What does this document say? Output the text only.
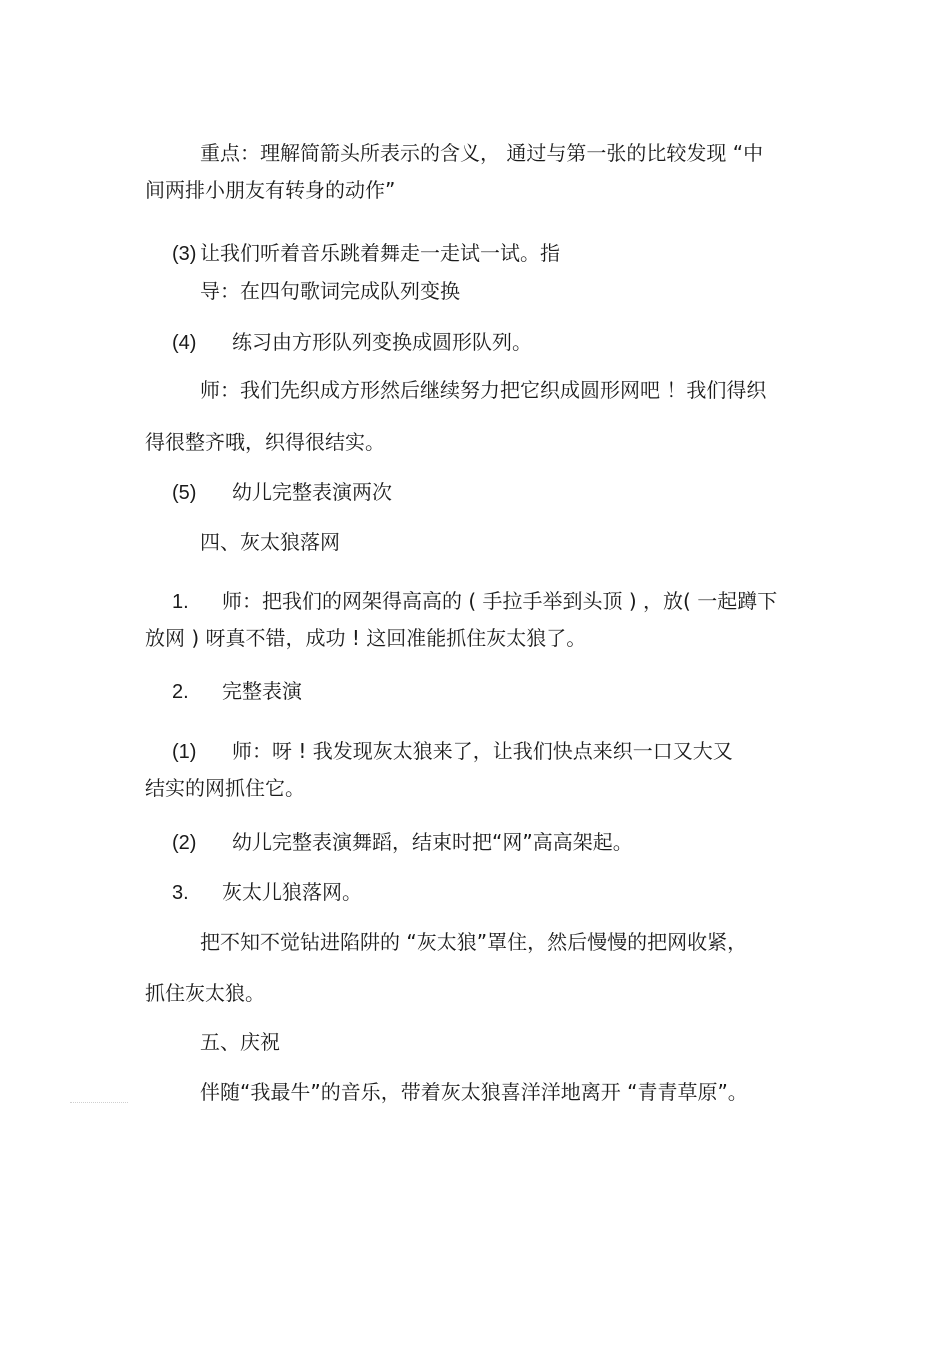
重点：理解简箭头所表示的含义， 通过与第一张的比较发现 “中
间两排小朋友有转身的动作”
(3) 让我们听着音乐跳着舞走一走试一试。指
导：在四句歌词完成队列变换
(4) 练习由方形队列变换成圆形队列。
师：我们先织成方形然后继续努力把它织成圆形网吧 ！我们得织
得很整齐哦，织得很结实。
(5) 幼儿完整表演两次
四、灰太狼落网
1. 师：把我们的网架得高高的 ( 手拉手举到头顶 ) ，放( 一起蹲下
放网 ) 呀真不错，成功 ! 这回准能抓住灰太狼了。
2. 完整表演
(1) 师：呀 ! 我发现灰太狼来了，让我们快点来织一口又大又
结实的网抓住它。
(2) 幼儿完整表演舞蹈，结束时把“网”高高架起。
3. 灰太儿狼落网。
把不知不觉钻进陷阱的 “灰太狼”罩住，然后慢慢的把网收紧，
抓住灰太狼。
五、庆祝
伴随“我最牛”的音乐，带着灰太狼喜洋洋地离开 “青青草原”。
